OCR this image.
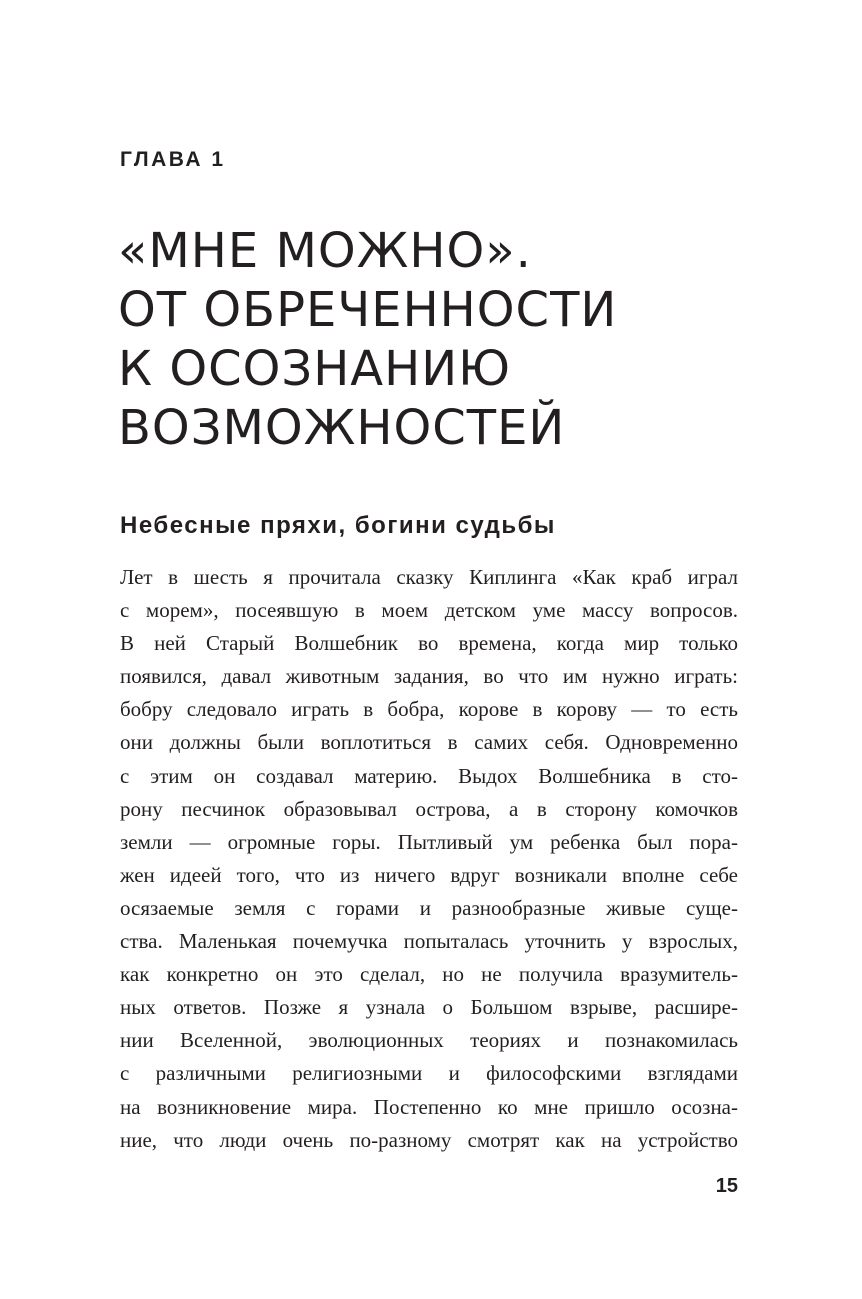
ГЛАВА 1

«МНЕ МОЖНО».
ОТ ОБРЕЧЕННОСТИ
К ОСОЗНАНИЮ
ВОЗМОЖНОСТЕЙ
Небесные пряхи, богини судьбы
Лет в шесть я прочитала сказку Киплинга «Как краб играл
с морем», посеявшую в моем детском уме массу вопросов.
В ней Старый Волшебник во времена, когда мир только
появился, давал животным задания, во что им нужно играть:
бобру следовало играть в бобра, корове в корову — то есть
они должны были воплотиться в самих себя. Одновременно
с этим он создавал материю. Выдох Волшебника в сто-
рону песчинок образовывал острова, а в сторону комочков
земли — огромные горы. Пытливый ум ребенка был пора-
жен идеей того, что из ничего вдруг возникали вполне себе
осязаемые земля с горами и разнообразные живые суще-
ства. Маленькая почемучка попыталась уточнить у взрослых,
как конкретно он это сделал, но не получила вразумитель-
ных ответов. Позже я узнала о Большом взрыве, расшире-
нии Вселенной, эволюционных теориях и познакомилась
с различными религиозными и философскими взглядами
на возникновение мира. Постепенно ко мне пришло осозна-
ние, что люди очень по-разному смотрят как на устройство

15
